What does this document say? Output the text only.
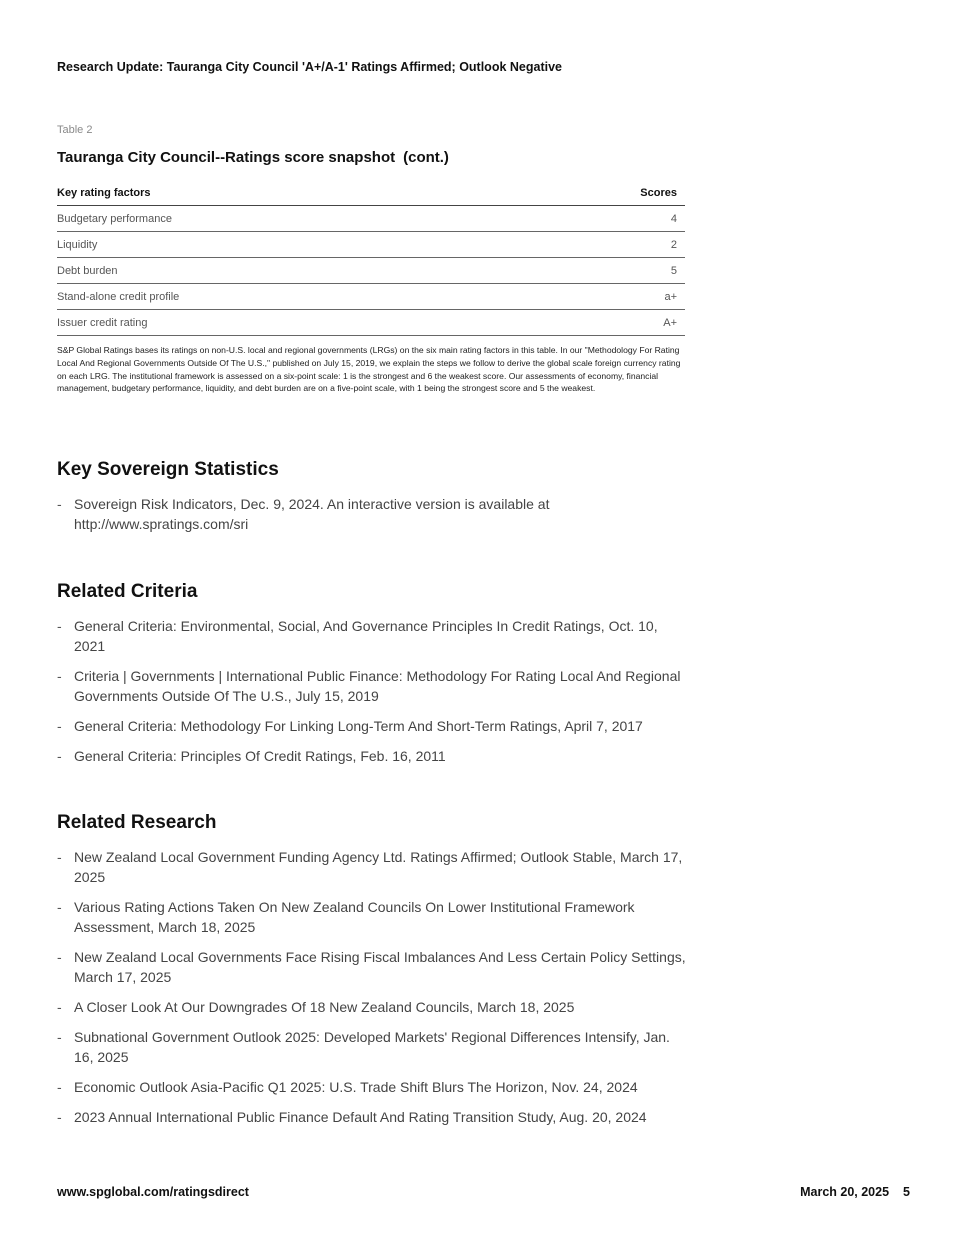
Research Update: Tauranga City Council 'A+/A-1' Ratings Affirmed; Outlook Negative
Table 2
Tauranga City Council--Ratings score snapshot (cont.)
Key rating factors	Scores
Budgetary performance	4
Liquidity	2
Debt burden	5
Stand-alone credit profile	a+
Issuer credit rating	A+
S&P Global Ratings bases its ratings on non-U.S. local and regional governments (LRGs) on the six main rating factors in this table. In our "Methodology For Rating Local And Regional Governments Outside Of The U.S.," published on July 15, 2019, we explain the steps we follow to derive the global scale foreign currency rating on each LRG. The institutional framework is assessed on a six-point scale: 1 is the strongest and 6 the weakest score. Our assessments of economy, financial management, budgetary performance, liquidity, and debt burden are on a five-point scale, with 1 being the strongest score and 5 the weakest.
Key Sovereign Statistics
- Sovereign Risk Indicators, Dec. 9, 2024. An interactive version is available at http://www.spratings.com/sri
Related Criteria
- General Criteria: Environmental, Social, And Governance Principles In Credit Ratings, Oct. 10, 2021
- Criteria | Governments | International Public Finance: Methodology For Rating Local And Regional Governments Outside Of The U.S., July 15, 2019
- General Criteria: Methodology For Linking Long-Term And Short-Term Ratings, April 7, 2017
- General Criteria: Principles Of Credit Ratings, Feb. 16, 2011
Related Research
- New Zealand Local Government Funding Agency Ltd. Ratings Affirmed; Outlook Stable, March 17, 2025
- Various Rating Actions Taken On New Zealand Councils On Lower Institutional Framework Assessment, March 18, 2025
- New Zealand Local Governments Face Rising Fiscal Imbalances And Less Certain Policy Settings, March 17, 2025
- A Closer Look At Our Downgrades Of 18 New Zealand Councils, March 18, 2025
- Subnational Government Outlook 2025: Developed Markets' Regional Differences Intensify, Jan. 16, 2025
- Economic Outlook Asia-Pacific Q1 2025: U.S. Trade Shift Blurs The Horizon, Nov. 24, 2024
- 2023 Annual International Public Finance Default And Rating Transition Study, Aug. 20, 2024
www.spglobal.com/ratingsdirect	March 20, 2025 5
